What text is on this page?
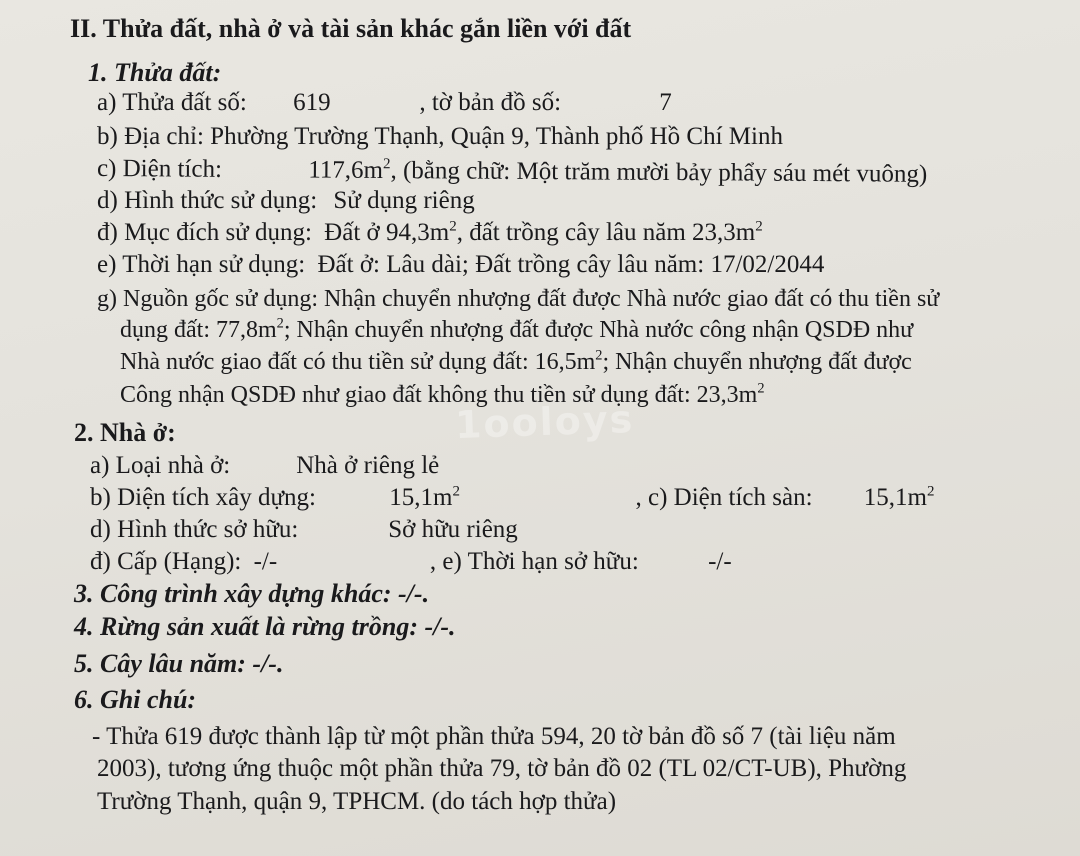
1ooloys
II. Thửa đất, nhà ở và tài sản khác gắn liền với đất
1. Thửa đất:
a) Thửa đất số: 619	, tờ bản đồ số:	7
b) Địa chỉ: Phường Trường Thạnh, Quận 9, Thành phố Hồ Chí Minh
c) Diện tích:	$117,6m^2$, (bằng chữ: Một trăm mười bảy phẩy sáu mét vuông)
d) Hình thức sử dụng: Sử dụng riêng
đ) Mục đích sử dụng: Đất ở $94,3m^2$, đất trồng cây lâu năm $23,3m^2$
e) Thời hạn sử dụng: Đất ở: Lâu dài; Đất trồng cây lâu năm: 17/02/2044
g) Nguồn gốc sử dụng: Nhận chuyển nhượng đất được Nhà nước giao đất có thu tiền sử
dụng đất: $77,8m^2$; Nhận chuyển nhượng đất được Nhà nước công nhận QSDĐ như
Nhà nước giao đất có thu tiền sử dụng đất: $16,5m^2$; Nhận chuyển nhượng đất được
Công nhận QSDĐ như giao đất không thu tiền sử dụng đất: $23,3m^2$
2. Nhà ở:
a) Loại nhà ở:	Nhà ở riêng lẻ
b) Diện tích xây dựng:	$15,1m^2$	, c) Diện tích sàn: $15,1m^2$
d) Hình thức sở hữu:	Sở hữu riêng
đ) Cấp (Hạng): -/-	, e) Thời hạn sở hữu:	-/-
3. Công trình xây dựng khác: -/-.
4. Rừng sản xuất là rừng trồng: -/-.
5. Cây lâu năm: -/-.
6. Ghi chú:
- Thửa 619 được thành lập từ một phần thửa 594, 20 tờ bản đồ số 7 (tài liệu năm
2003), tương ứng thuộc một phần thửa 79, tờ bản đồ 02 (TL 02/CT-UB), Phường
Trường Thạnh, quận 9, TPHCM. (do tách hợp thửa)
